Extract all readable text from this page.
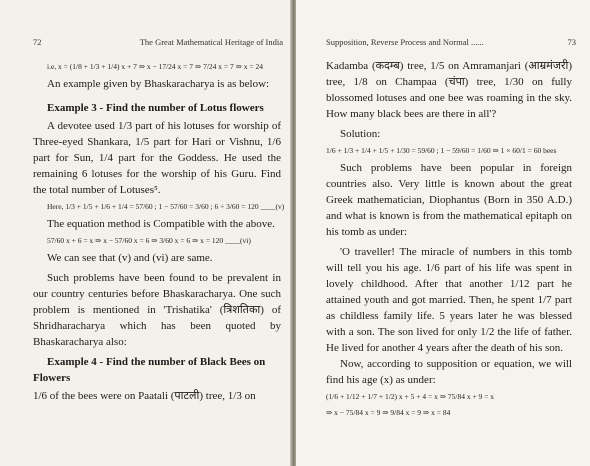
72	The Great Mathematical Heritage of India
i.e, x = (1/8 + 1/3 + 1/4) x + 7 ⇒ x − 17/24 x = 7 ⇒ 7/24 x = 7 ⇒ x = 24

An example given by Bhaskaracharya is as below:

Example 3 - Find the number of Lotus flowers

A devotee used 1/3 part of his lotuses for worship of Three-eyed Shankara, 1/5 part for Hari or Vishnu, 1/6 part for Sun, 1/4 part for the Goddess. He used the remaining 6 lotuses for the worship of his Guru. Find the total number of Lotuses⁵.

Here, 1/3 + 1/5 + 1/6 + 1/4 = 57/60 ; 1 − 57/60 = 3/60 ; 6 ÷ 3/60 = 120 ____(v)

The equation method is Compatible with the above.

57/60 x + 6 = x ⇒ x − 57/60 x = 6 ⇒ 3/60 x = 6 ⇒ x = 120 ____(vi)

We can see that (v) and (vi) are same.

Such problems have been found to be prevalent in our country centuries before Bhaskaracharya. One such problem is mentioned in 'Trishatika' (त्रिशतिका) of Shridharacharya which has been quoted by Bhaskaracharya also:

Example 4 - Find the number of Black Bees on Flowers

1/6 of the bees were on Paatali (पाटली) tree, 1/3 on

Supposition, Reverse Process and Normal ......	73

Kadamba (कदम्ब) tree, 1/5 on Amramanjari (आम्रमंजरी) tree, 1/8 on Champaa (चंपा) tree, 1/30 on fully blossomed lotuses and one bee was roaming in the sky. How many black bees are there in all'?

Solution:

1/6 + 1/3 + 1/4 + 1/5 + 1/30 = 59/60 ; 1 − 59/60 = 1/60 ⇒ 1 × 60/1 = 60 bees

Such problems have been popular in foreign countries also. Very little is known about the great Greek mathematician, Diophantus (Born in 350 A.D.) and what is known is from the mathematical epitaph on his tomb as under:

'O traveller! The miracle of numbers in this tomb will tell you his age. 1/6 part of his life was spent in lovely childhood. After that another 1/12 part he attained youth and got married. Then, he spent 1/7 part as childless family life. 5 years later he was blessed with a son. The son lived for only 1/2 the life of father. He lived for another 4 years after the death of his son.

Now, according to supposition or equation, we will find his age (x) as under:

(1/6 + 1/12 + 1/7 + 1/2) x + 5 + 4 = x ⇒ 75/84 x + 9 = x
⇒ x − 75/84 x = 9 ⇒ 9/84 x = 9 ⇒ x = 84
